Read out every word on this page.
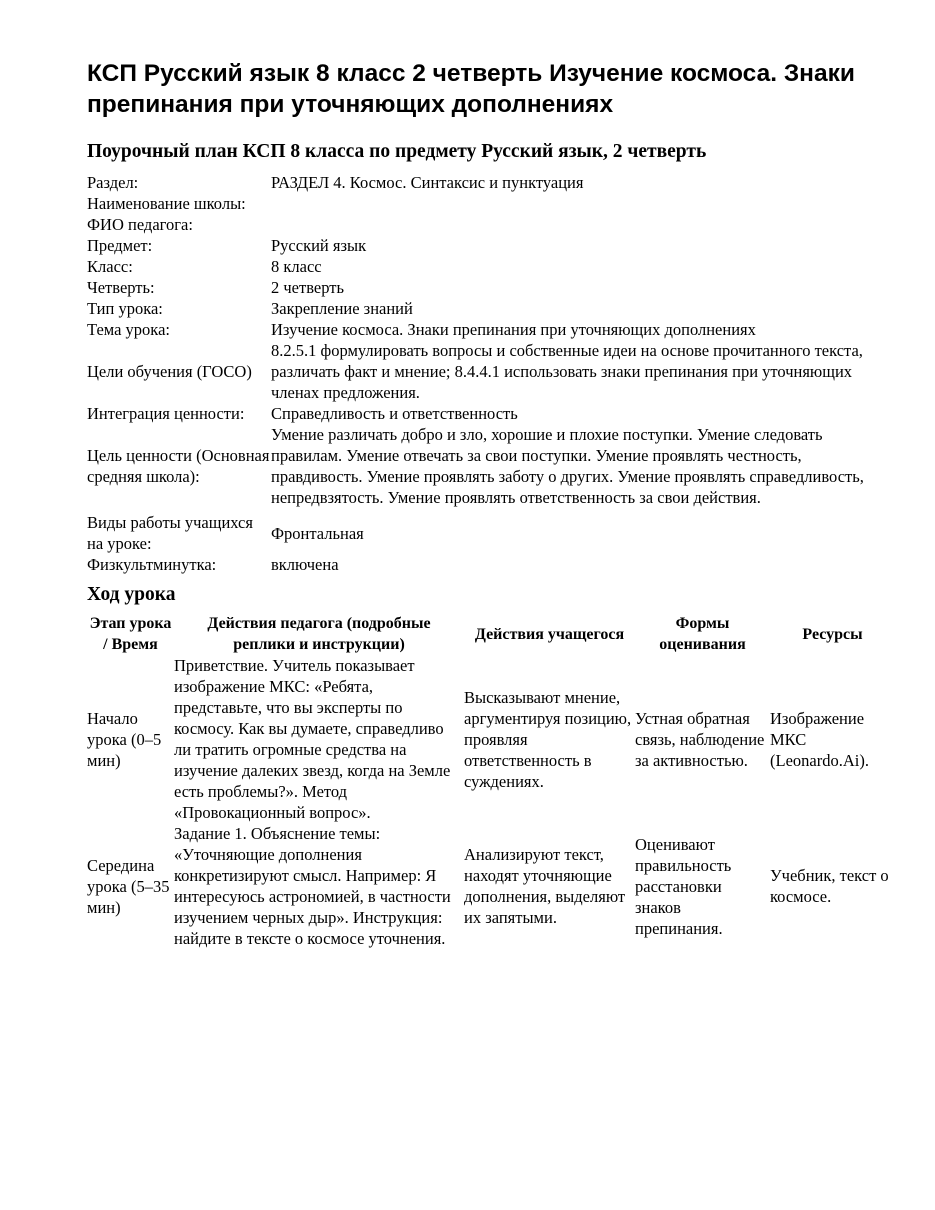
КСП Русский язык 8 класс 2 четверть Изучение космоса. Знаки препинания при уточняющих дополнениях
Поурочный план КСП 8 класса по предмету Русский язык, 2 четверть
Раздел:	РАЗДЕЛ 4. Космос. Синтаксис и пунктуация
Наименование школы:	
ФИО педагога:	
Предмет:	Русский язык
Класс:	8 класс
Четверть:	2 четверть
Тип урока:	Закрепление знаний
Тема урока:	Изучение космоса. Знаки препинания при уточняющих дополнениях
Цели обучения (ГОСО)	8.2.5.1 формулировать вопросы и собственные идеи на основе прочитанного текста, различать факт и мнение; 8.4.4.1 использовать знаки препинания при уточняющих членах предложения.
Интеграция ценности:	Справедливость и ответственность
Цель ценности (Основная средняя школа):	Умение различать добро и зло, хорошие и плохие поступки. Умение следовать правилам. Умение отвечать за свои поступки. Умение проявлять честность, правдивость. Умение проявлять заботу о других. Умение проявлять справедливость, непредвзятость. Умение проявлять ответственность за свои действия.
Виды работы учащихся на уроке:	Фронтальная
Физкультминутка:	включена
Ход урока
Этап урока / Время	Действия педагога (подробные реплики и инструкции)	Действия учащегося	Формы оценивания	Ресурсы
Начало урока (0–5 мин)	Приветствие. Учитель показывает изображение МКС: «Ребята, представьте, что вы эксперты по космосу. Как вы думаете, справедливо ли тратить огромные средства на изучение далеких звезд, когда на Земле есть проблемы?». Метод «Провокационный вопрос».	Высказывают мнение, аргументируя позицию, проявляя ответственность в суждениях.	Устная обратная связь, наблюдение за активностью.	Изображение МКС (Leonardo.Ai).
Середина урока (5–35 мин)	Задание 1. Объяснение темы: «Уточняющие дополнения конкретизируют смысл. Например: Я интересуюсь астрономией, в частности изучением черных дыр». Инструкция: найдите в тексте о космосе уточнения.	Анализируют текст, находят уточняющие дополнения, выделяют их запятыми.	Оценивают правильность расстановки знаков препинания.	Учебник, текст о космосе.
